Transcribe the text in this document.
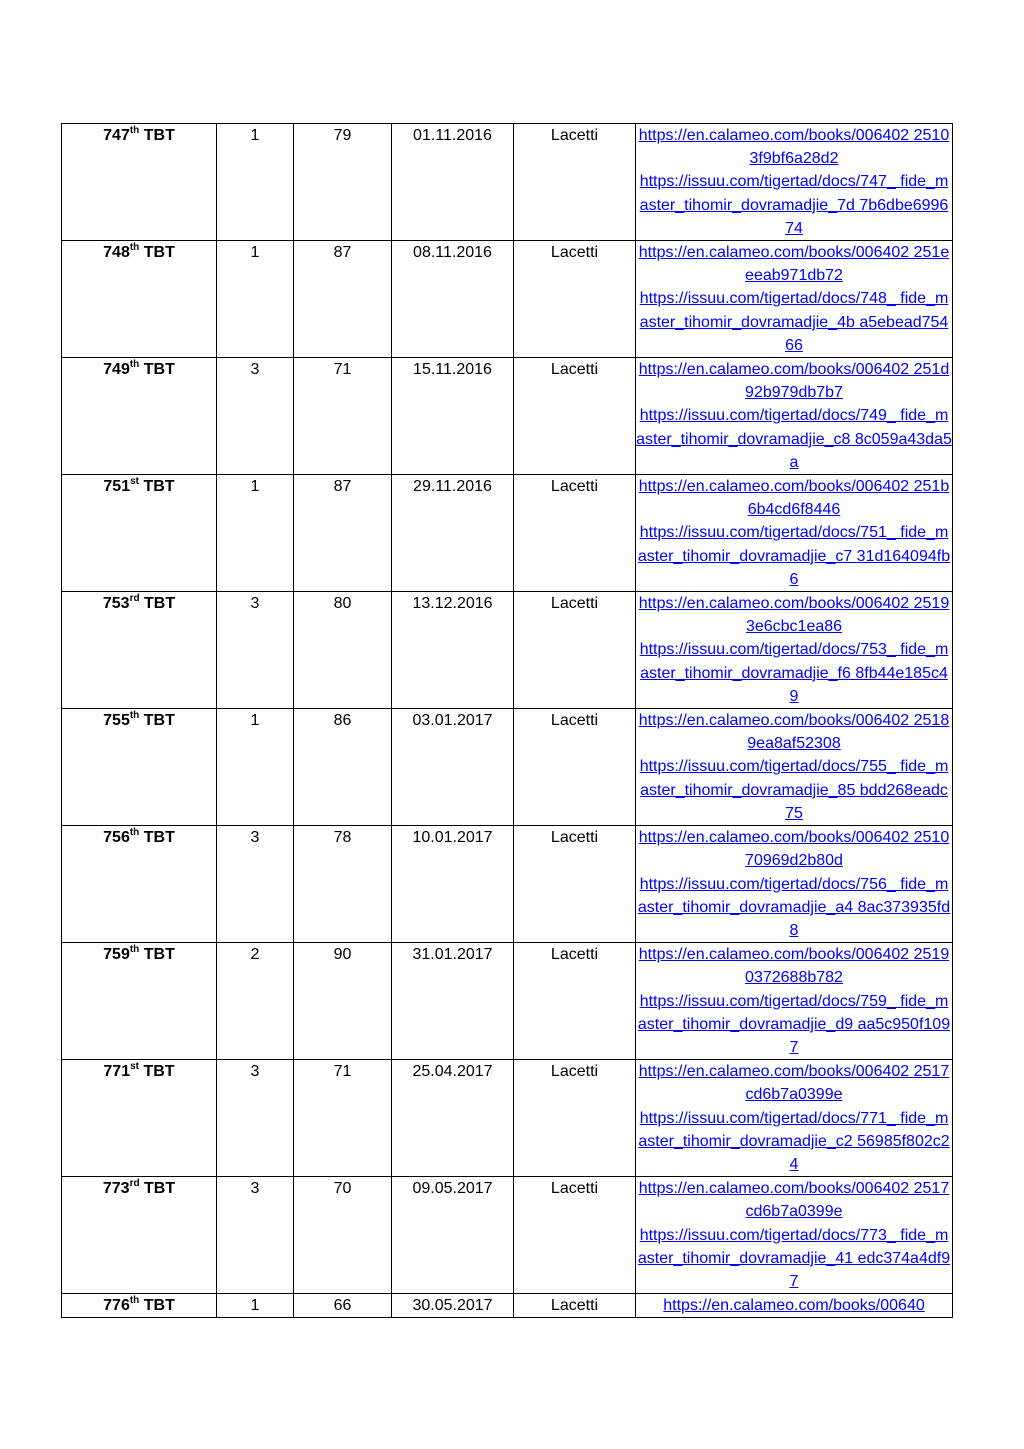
747th TBT	1	79	01.11.2016	Lacetti	https://en.calameo.com/books/006402 25103f9bf6a28d2
https://issuu.com/tigertad/docs/747_ fide_master_tihomir_dovramadjie_7d 7b6dbe699674

748th TBT	1	87	08.11.2016	Lacetti	https://en.calameo.com/books/006402 251eeeab971db72
https://issuu.com/tigertad/docs/748_ fide_master_tihomir_dovramadjie_4b a5ebead75466

749th TBT	3	71	15.11.2016	Lacetti	https://en.calameo.com/books/006402 251d92b979db7b7
https://issuu.com/tigertad/docs/749_ fide_master_tihomir_dovramadjie_c8 8c059a43da5a

751st TBT	1	87	29.11.2016	Lacetti	https://en.calameo.com/books/006402 251b6b4cd6f8446
https://issuu.com/tigertad/docs/751_ fide_master_tihomir_dovramadjie_c7 31d164094fb6

753rd TBT	3	80	13.12.2016	Lacetti	https://en.calameo.com/books/006402 25193e6cbc1ea86
https://issuu.com/tigertad/docs/753_ fide_master_tihomir_dovramadjie_f6 8fb44e185c49

755th TBT	1	86	03.01.2017	Lacetti	https://en.calameo.com/books/006402 25189ea8af52308
https://issuu.com/tigertad/docs/755_ fide_master_tihomir_dovramadjie_85 bdd268eadc75

756th TBT	3	78	10.01.2017	Lacetti	https://en.calameo.com/books/006402 251070969d2b80d
https://issuu.com/tigertad/docs/756_ fide_master_tihomir_dovramadjie_a4 8ac373935fd8

759th TBT	2	90	31.01.2017	Lacetti	https://en.calameo.com/books/006402 25190372688b782
https://issuu.com/tigertad/docs/759_ fide_master_tihomir_dovramadjie_d9 aa5c950f1097

771st TBT	3	71	25.04.2017	Lacetti	https://en.calameo.com/books/006402 2517cd6b7a0399e
https://issuu.com/tigertad/docs/771_ fide_master_tihomir_dovramadjie_c2 56985f802c24

773rd TBT	3	70	09.05.2017	Lacetti	https://en.calameo.com/books/006402 2517cd6b7a0399e
https://issuu.com/tigertad/docs/773_ fide_master_tihomir_dovramadjie_41 edc374a4df97

776th TBT	1	66	30.05.2017	Lacetti	https://en.calameo.com/books/00640
